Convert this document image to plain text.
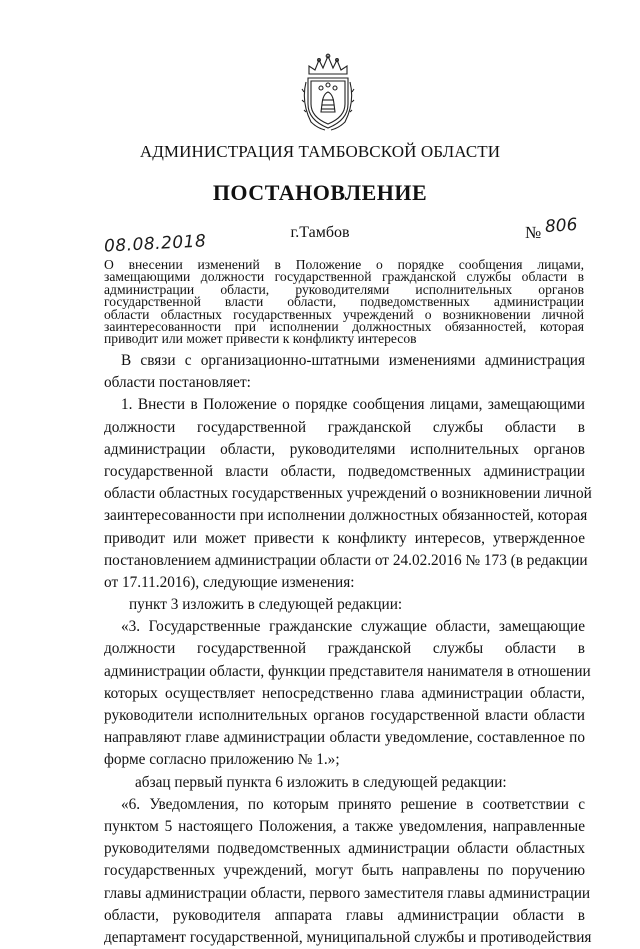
АДМИНИСТРАЦИЯ ТАМБОВСКОЙ ОБЛАСТИ
ПОСТАНОВЛЕНИЕ
08.08.2018	г.Тамбов	№ 806
О внесении изменений в Положение о порядке сообщения лицами,
замещающими должности государственной гражданской службы области в
администрации области, руководителями исполнительных органов
государственной власти области, подведомственных администрации
области областных государственных учреждений о возникновении личной
заинтересованности при исполнении должностных обязанностей, которая
приводит или может привести к конфликту интересов
В связи с организационно-штатными изменениями администрация
области постановляет:
1. Внести в Положение о порядке сообщения лицами, замещающими
должности государственной гражданской службы области в
администрации области, руководителями исполнительных органов
государственной власти области, подведомственных администрации
области областных государственных учреждений о возникновении личной
заинтересованности при исполнении должностных обязанностей, которая
приводит или может привести к конфликту интересов, утвержденное
постановлением администрации области от 24.02.2016 № 173 (в редакции
от 17.11.2016), следующие изменения:
пункт 3 изложить в следующей редакции:
«3. Государственные гражданские служащие области, замещающие
должности государственной гражданской службы области в
администрации области, функции представителя нанимателя в отношении
которых осуществляет непосредственно глава администрации области,
руководители исполнительных органов государственной власти области
направляют главе администрации области уведомление, составленное по
форме согласно приложению № 1.»;
абзац первый пункта 6 изложить в следующей редакции:
«6. Уведомления, по которым принято решение в соответствии с
пунктом 5 настоящего Положения, а также уведомления, направленные
руководителями подведомственных администрации области областных
государственных учреждений, могут быть направлены по поручению
главы администрации области, первого заместителя главы администрации
области, руководителя аппарата главы администрации области в
департамент государственной, муниципальной службы и противодействия
